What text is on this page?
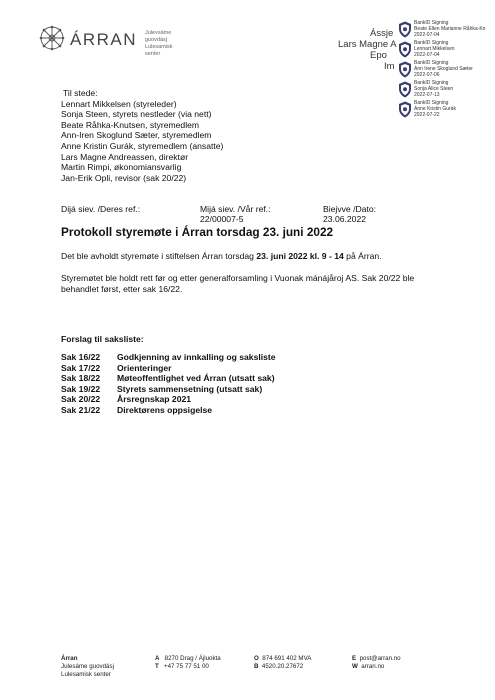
ÁRRAN Julevsáme guovdásj
Lulesamisk senter
Ássje
Lars Magne A
Epo
Im
BankID Signing
Beate Ellen Marianne Råhka-Kn
2022-07-04
BankID Signing
Lennart Mikkelsen
2022-07-04
BankID Signing
Ann Irene Skoglund Sæter
2022-07-06
BankID Signing
Sonja Alice Steen
2022-07-13
BankID Signing
Anne Kristin Gurák
2022-07-22
Til stede:
Lennart Mikkelsen (styreleder)
Sonja Steen, styrets nestleder (via nett)
Beate Råhka-Knutsen, styremedlem
Ann-Iren Skoglund Sæter, styremedlem
Anne Kristin Gurák, styremedlem (ansatte)
Lars Magne Andreassen, direktør
Martin Rimpi, økonomiansvarlig
Jan-Erik Opli, revisor (sak 20/22)
Dijá siev. /Deres ref.:	Mijá siev. /Vår ref.:
22/00007-5
Biejvve /Dato:
23.06.2022
Protokoll styremøte i Árran torsdag 23. juni 2022
Det ble avholdt styremøte i stiftelsen Árran torsdag 23. juni 2022 kl. 9 - 14 på Árran.
Styremøtet ble holdt rett før og etter generalforsamling i Vuonak mánájåroj AS. Sak 20/22 ble behandlet først, etter sak 16/22.
Forslag til saksliste:
Sak 16/22 Godkjenning av innkalling og saksliste
Sak 17/22 Orienteringer
Sak 18/22 Møteoffentlighet ved Árran (utsatt sak)
Sak 19/22 Styrets sammensetning (utsatt sak)
Sak 20/22 Årsregnskap 2021
Sak 21/22 Direktørens oppsigelse
Árran
Julesáme guovdásj
Lulesamisk senter
A 8270 Drag / Ájluokta
T +47 75 77 51 00
O 874 691 402 MVA
B 4520.20.27672
E post@arran.no
W arran.no
